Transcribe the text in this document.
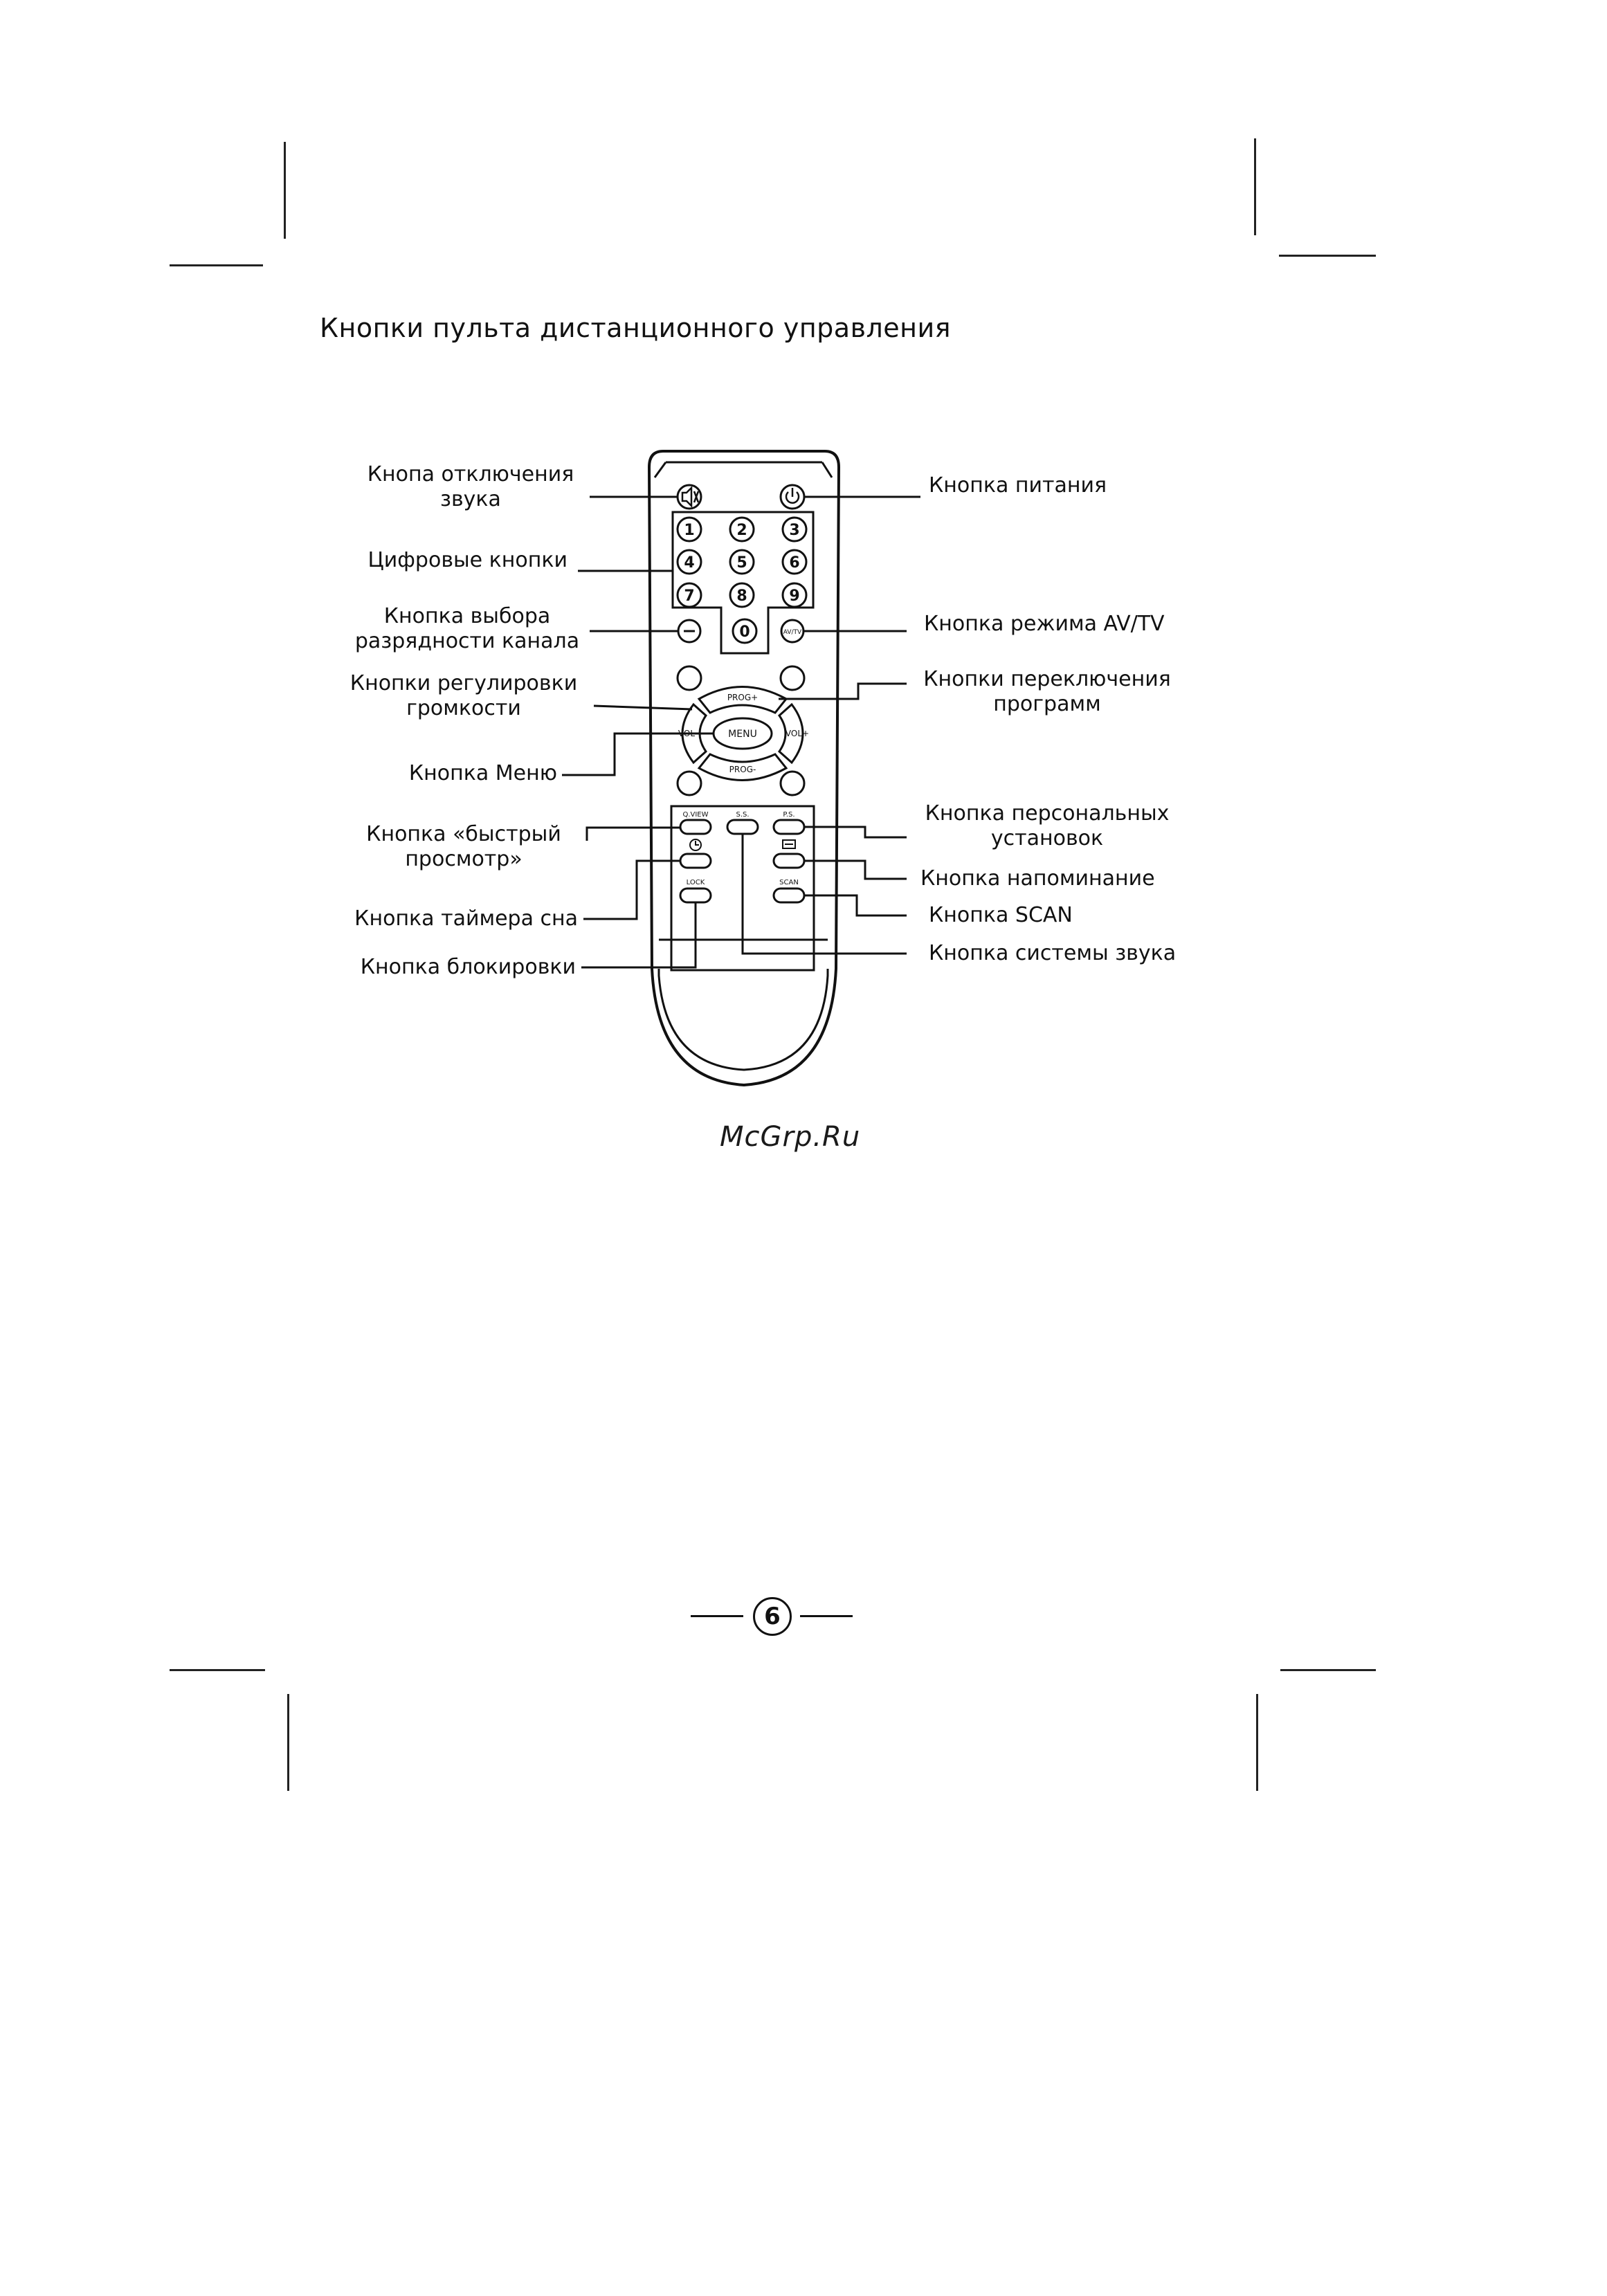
Кнопки пульта дистанционного управления
1	2	3
4	5	6
7	8	9
0	AV/TV
PROG+
PROG-
VOL-	VOL+
MENU
Q.VIEW	S.S.	P.S.
LOCK	SCAN
Кнопа отключения
звука
Цифровые кнопки
Кнопка выбора
разрядности канала
Кнопки регулировки
громкости
Кнопка Меню
Кнопка «быстрый
просмотр»
Кнопка таймера сна
Кнопка блокировки
Кнопка питания
Кнопка режима AV/TV
Кнопки переключения
программ
Кнопка персональных
установок
Кнопка напоминание
Кнопка SCAN
Кнопка системы звука
McGrp.Ru
6
